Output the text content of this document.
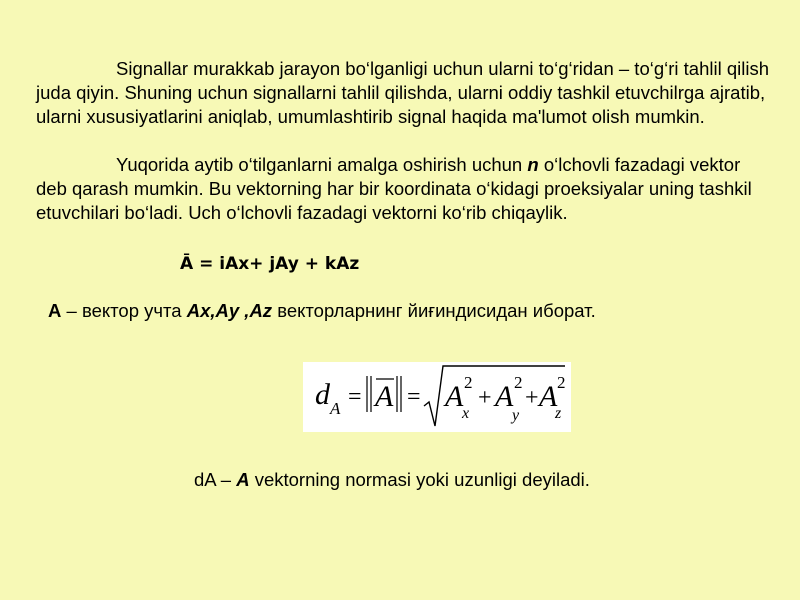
Signallar murakkab jarayon bo‘lganligi uchun ularni to‘g‘ridan – to‘g‘ri tahlil qilish juda qiyin. Shuning uchun signallarni tahlil qilishda, ularni oddiy tashkil etuvchilrga ajratib, ularni xususiyatlarini aniqlab, umumlashtirib signal haqida ma'lumot olish mumkin.

Yuqorida aytib o‘tilganlarni amalga oshirish uchun n o‘lchovli fazadagi vektor deb qarash mumkin. Bu vektorning har bir koordinata o‘kidagi proeksiyalar uning tashkil etuvchilari bo‘ladi. Uch o‘lchovli fazadagi vektorni ko‘rib chiqaylik.

Ā = iAx+ jAy + kAz
А – вектор учта Ax,Ay ,Az векторларнинг йиғиндисидан иборат.
d A = A = A 2
x
+ A 2
y
+ A 2
z
dA – A vektorning normasi yoki uzunligi deyiladi.
